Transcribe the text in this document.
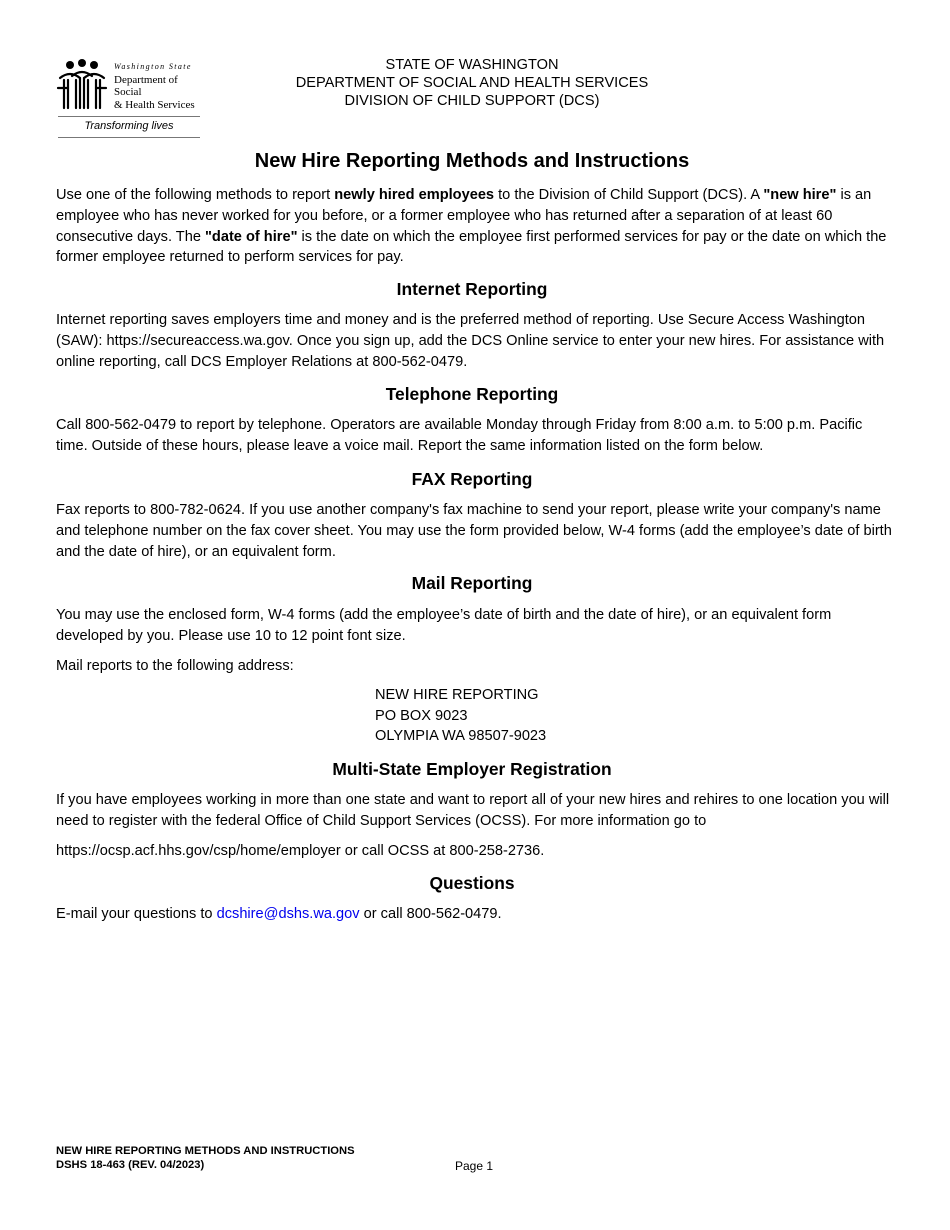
Washington State
Department of Social
& Health Services
Transforming lives
STATE OF WASHINGTON
DEPARTMENT OF SOCIAL AND HEALTH SERVICES
DIVISION OF CHILD SUPPORT (DCS)
New Hire Reporting Methods and Instructions
Use one of the following methods to report newly hired employees to the Division of Child Support (DCS). A "new hire" is an employee who has never worked for you before, or a former employee who has returned after a separation of at least 60 consecutive days. The "date of hire" is the date on which the employee first performed services for pay or the date on which the former employee returned to perform services for pay.
Internet Reporting
Internet reporting saves employers time and money and is the preferred method of reporting. Use Secure Access Washington (SAW): https://secureaccess.wa.gov. Once you sign up, add the DCS Online service to enter your new hires. For assistance with online reporting, call DCS Employer Relations at 800-562-0479.
Telephone Reporting
Call 800-562-0479 to report by telephone. Operators are available Monday through Friday from 8:00 a.m. to 5:00 p.m. Pacific time. Outside of these hours, please leave a voice mail. Report the same information listed on the form below.
FAX Reporting
Fax reports to 800-782-0624. If you use another company's fax machine to send your report, please write your company's name and telephone number on the fax cover sheet. You may use the form provided below, W-4 forms (add the employee’s date of birth and the date of hire), or an equivalent form.
Mail Reporting
You may use the enclosed form, W-4 forms (add the employee’s date of birth and the date of hire), or an equivalent form developed by you. Please use 10 to 12 point font size.
Mail reports to the following address:
NEW HIRE REPORTING
PO BOX 9023
OLYMPIA WA 98507-9023
Multi-State Employer Registration
If you have employees working in more than one state and want to report all of your new hires and rehires to one location you will need to register with the federal Office of Child Support Services (OCSS). For more information go to
https://ocsp.acf.hhs.gov/csp/home/employer or call OCSS at 800-258-2736.
Questions
E-mail your questions to dcshire@dshs.wa.gov or call 800-562-0479.
NEW HIRE REPORTING METHODS AND INSTRUCTIONS
DSHS 18-463 (REV. 04/2023)	Page 1
